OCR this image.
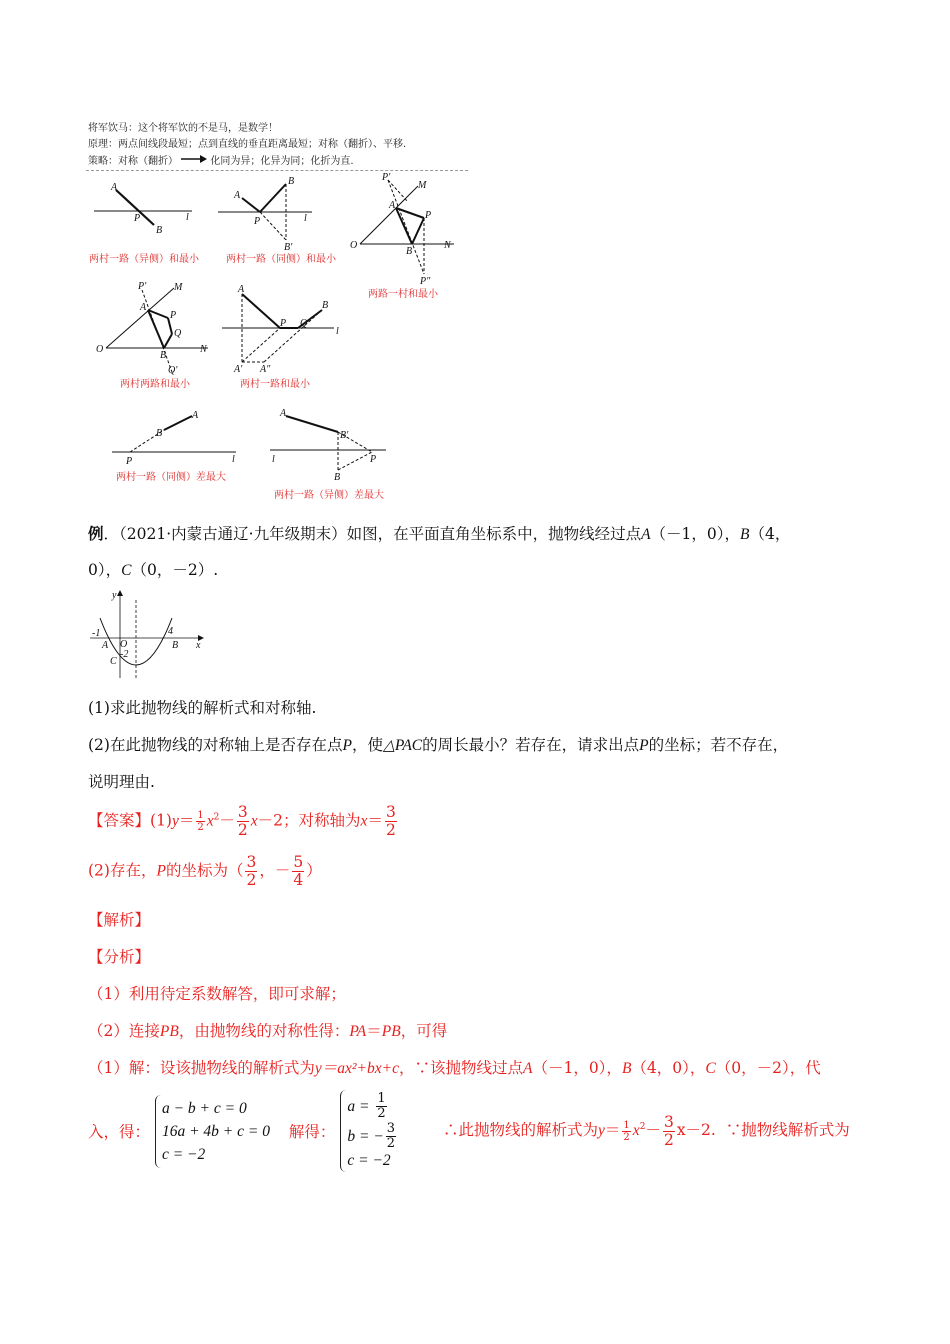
将军饮马：这个将军饮的不是马，是数学！
原理：两点间线段最短；点到直线的垂直距离最短；对称（翻折）、平移.
策略：对称（翻折）	化同为异；化异为同；化折为直.
A
P
B
l
两村一路（异侧）和最小
A
B
P
B′
l
两村一路（同侧）和最小
P′
M
A
P
O
B
N
P″
两路一村和最小
P′	M
A
P
Q
O
B
N
Q′
两村两路和最小
A
P Q
B
l
A′ A″
两村一路和最小
A
B
P	l
两村一路（同侧）差最大
A
B′
P
B
l
两村一路（异侧）差最大
例．（2021·内蒙古通辽·九年级期末）如图，在平面直角坐标系中，抛物线经过点A（－1，0），B（4，
0），C（0，－2）.
y
x
-1	4
O
-2
A	B
C
(1)求此抛物线的解析式和对称轴.
(2)在此抛物线的对称轴上是否存在点P，使△PAC的周长最小？若存在，请求出点P的坐标；若不存在，
说明理由.
【答案】$(1)y= \frac{1}{2} x^2- \frac{3}{2} x-2$；对称轴为$x= \frac{3}{2}$
(2)存在，P的坐标为（ $\frac{3}{2}$ ，－ $\frac{5}{4}$ ）
【解析】
【分析】
（1）利用待定系数解答，即可求解；
（2）连接PB，由抛物线的对称性得：PA＝PB，可得
（1）解：设该抛物线的解析式为y＝ax²+bx+c，∵该抛物线过点A（－1，0），B（4，0），C（0，－2），代
入，得：
a − b + c = 0
16a + 4b + c = 0
c = −2
解得：
$a = \frac{1}{2}$
b = − $\frac{3}{2}$
c = −2
∴此抛物线的解析式为$y= \frac{1}{2} x^2- \frac{3}{2} x-2$. ∵抛物线解析式为
